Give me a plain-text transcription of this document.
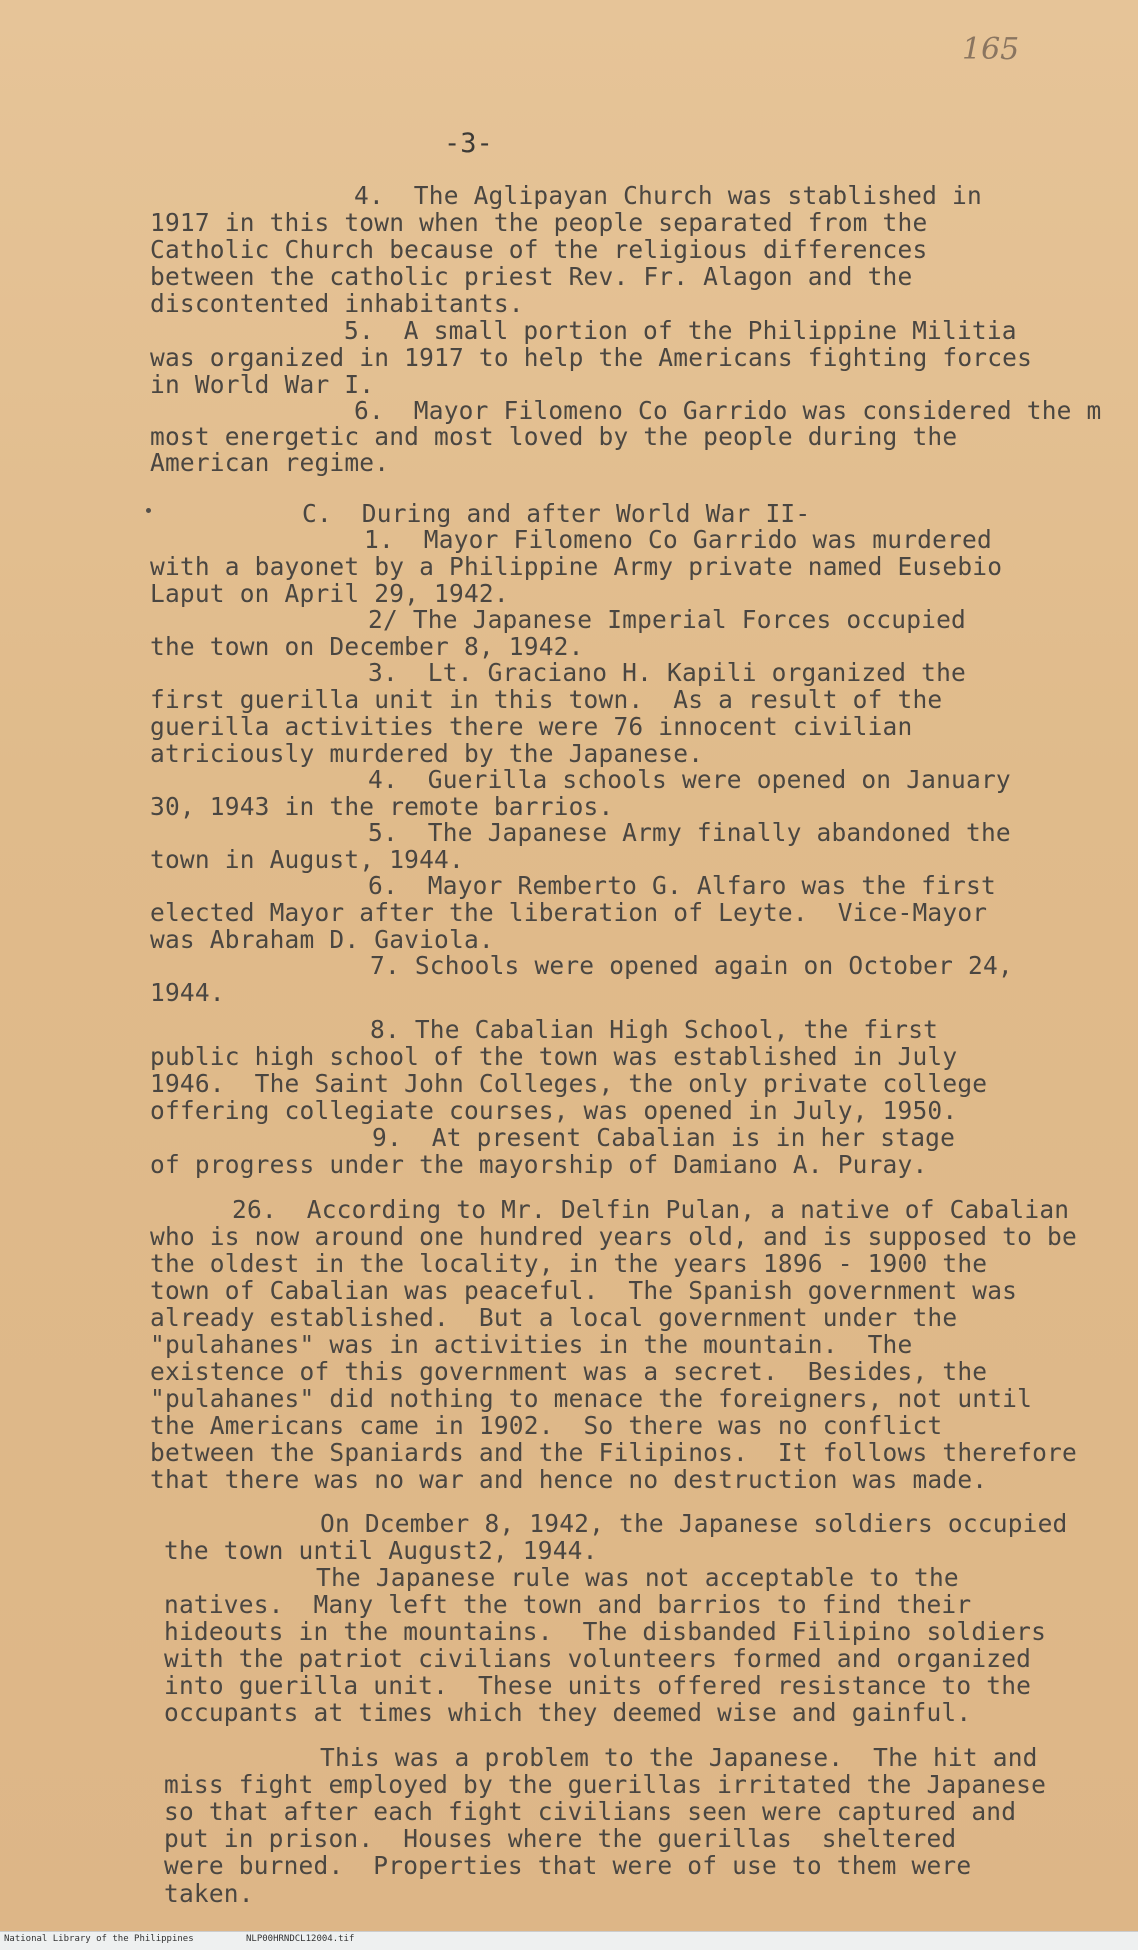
165
-3-
4.  The Aglipayan Church was stablished in
1917 in this town when the people separated from the
Catholic Church because of the religious differences
between the catholic priest Rev. Fr. Alagon and the
discontented inhabitants.
5.  A small portion of the Philippine Militia
was organized in 1917 to help the Americans fighting forces
in World War I.
6.  Mayor Filomeno Co Garrido was considered the m
most energetic and most loved by the people during the
American regime.
C.  During and after World War II-
1.  Mayor Filomeno Co Garrido was murdered
with a bayonet by a Philippine Army private named Eusebio
Laput on April 29, 1942.
2/ The Japanese Imperial Forces occupied
the town on December 8, 1942.
3.  Lt. Graciano H. Kapili organized the
first guerilla unit in this town.  As a result of the
guerilla activities there were 76 innocent civilian
atriciously murdered by the Japanese.
4.  Guerilla schools were opened on January
30, 1943 in the remote barrios.
5.  The Japanese Army finally abandoned the
town in August, 1944.
6.  Mayor Remberto G. Alfaro was the first
elected Mayor after the liberation of Leyte.  Vice-Mayor
was Abraham D. Gaviola.
7. Schools were opened again on October 24,
1944.
8. The Cabalian High School, the first
public high school of the town was established in July
1946.  The Saint John Colleges, the only private college
offering collegiate courses, was opened in July, 1950.
9.  At present Cabalian is in her stage
of progress under the mayorship of Damiano A. Puray.
26.  According to Mr. Delfin Pulan, a native of Cabalian
who is now around one hundred years old, and is supposed to be
the oldest in the locality, in the years 1896 - 1900 the
town of Cabalian was peaceful.  The Spanish government was
already established.  But a local government under the
"pulahanes" was in activities in the mountain.  The
existence of this government was a secret.  Besides, the
"pulahanes" did nothing to menace the foreigners, not until
the Americans came in 1902.  So there was no conflict
between the Spaniards and the Filipinos.  It follows therefore
that there was no war and hence no destruction was made.
On Dcember 8, 1942, the Japanese soldiers occupied
the town until August2, 1944.
The Japanese rule was not acceptable to the
natives.  Many left the town and barrios to find their
hideouts in the mountains.  The disbanded Filipino soldiers
with the patriot civilians volunteers formed and organized
into guerilla unit.  These units offered resistance to the
occupants at times which they deemed wise and gainful.
This was a problem to the Japanese.  The hit and
miss fight employed by the guerillas irritated the Japanese
so that after each fight civilians seen were captured and
put in prison.  Houses where the guerillas  sheltered
were burned.  Properties that were of use to them were
taken.
National Library of the Philippines	NLP00HRNDCL12004.tif
